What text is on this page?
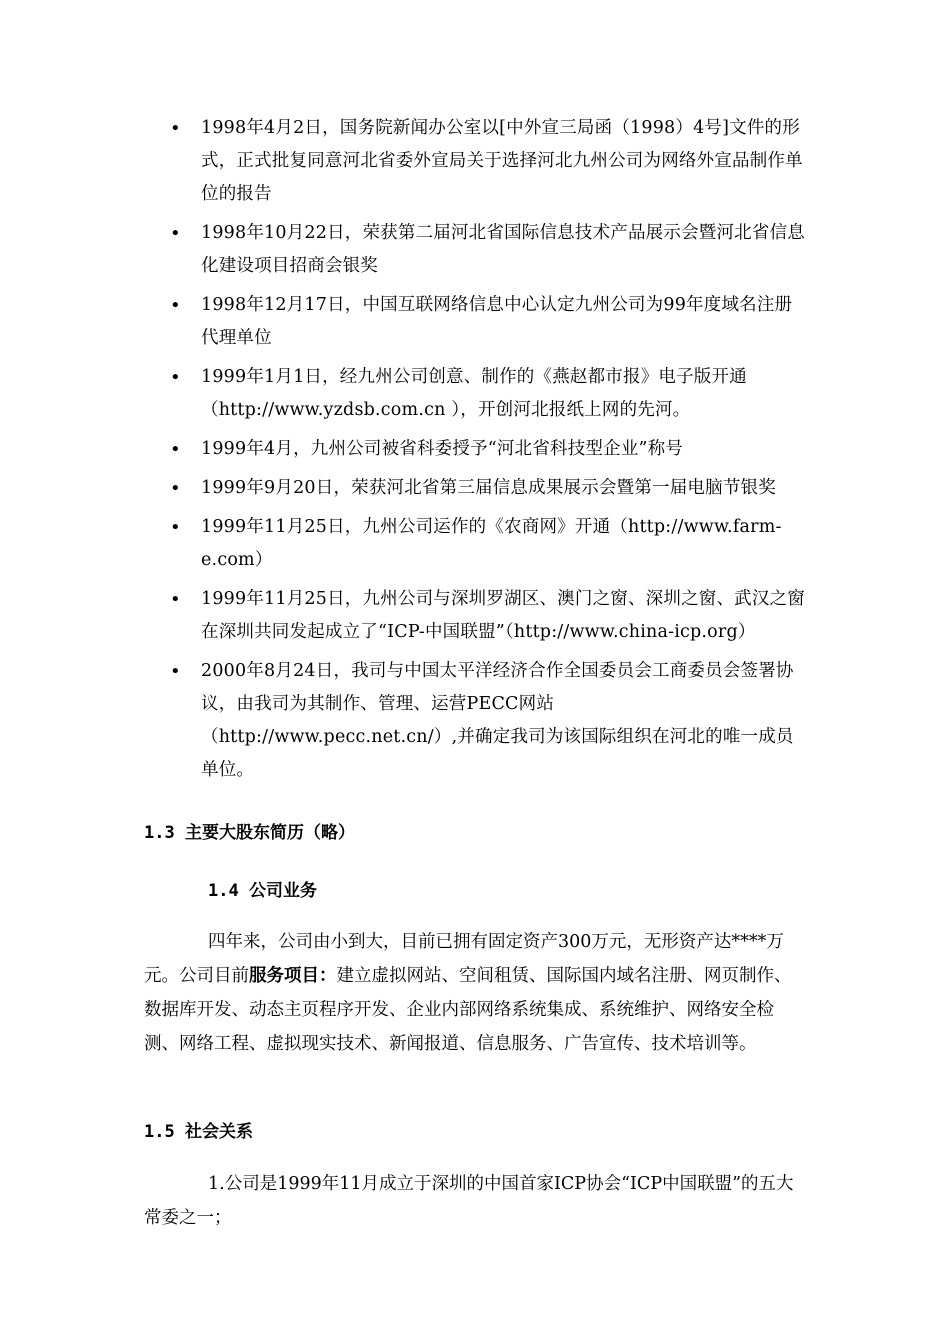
• 1998年4月2日，国务院新闻办公室以[中外宣三局函（1998）4号]文件的形式，正式批复同意河北省委外宣局关于选择河北九州公司为网络外宣品制作单位的报告
• 1998年10月22日，荣获第二届河北省国际信息技术产品展示会暨河北省信息化建设项目招商会银奖
• 1998年12月17日，中国互联网络信息中心认定九州公司为99年度域名注册代理单位
• 1999年1月1日，经九州公司创意、制作的《燕赵都市报》电子版开通（http://www.yzdsb.com.cn ），开创河北报纸上网的先河。
• 1999年4月，九州公司被省科委授予“河北省科技型企业”称号
• 1999年9月20日，荣获河北省第三届信息成果展示会暨第一届电脑节银奖
• 1999年11月25日，九州公司运作的《农商网》开通（http://www.farm-e.com）
• 1999年11月25日，九州公司与深圳罗湖区、澳门之窗、深圳之窗、武汉之窗在深圳共同发起成立了“ICP-中国联盟”（http://www.china-icp.org）
• 2000年8月24日，我司与中国太平洋经济合作全国委员会工商委员会签署协议，由我司为其制作、管理、运营PECC网站（http://www.pecc.net.cn/）,并确定我司为该国际组织在河北的唯一成员单位。
1.3 主要大股东简历（略）
1.4 公司业务

四年来，公司由小到大，目前已拥有固定资产300万元，无形资产达****万元。公司目前服务项目：建立虚拟网站、空间租赁、国际国内域名注册、网页制作、数据库开发、动态主页程序开发、企业内部网络系统集成、系统维护、网络安全检测、网络工程、虚拟现实技术、新闻报道、信息服务、广告宣传、技术培训等。

1.5 社会关系

1.公司是1999年11月成立于深圳的中国首家ICP协会“ICP中国联盟”的五大常委之一；
